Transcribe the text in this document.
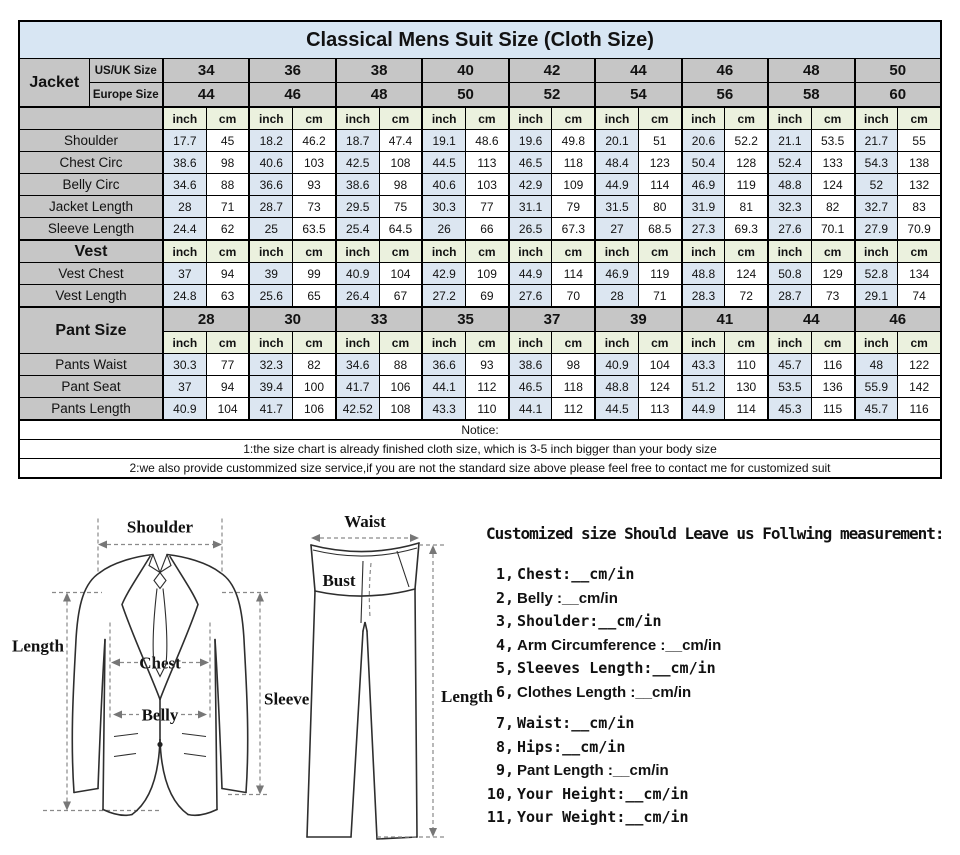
Classical Mens Suit Size (Cloth Size)																			
Jacket	US/UK Size	34		36		38		40		42		44		46		48		50	
	Europe Size	44		46		48		50		52		54		56		58		60	
		inch	cm	inch	cm	inch	cm	inch	cm	inch	cm	inch	cm	inch	cm	inch	cm	inch	cm
Shoulder		17.7	45	18.2	46.2	18.7	47.4	19.1	48.6	19.6	49.8	20.1	51	20.6	52.2	21.1	53.5	21.7	55
Chest Circ		38.6	98	40.6	103	42.5	108	44.5	113	46.5	118	48.4	123	50.4	128	52.4	133	54.3	138
Belly Circ		34.6	88	36.6	93	38.6	98	40.6	103	42.9	109	44.9	114	46.9	119	48.8	124	52	132
Jacket Length		28	71	28.7	73	29.5	75	30.3	77	31.1	79	31.5	80	31.9	81	32.3	82	32.7	83
Sleeve Length		24.4	62	25	63.5	25.4	64.5	26	66	26.5	67.3	27	68.5	27.3	69.3	27.6	70.1	27.9	70.9
Vest		inch	cm	inch	cm	inch	cm	inch	cm	inch	cm	inch	cm	inch	cm	inch	cm	inch	cm
Vest Chest		37	94	39	99	40.9	104	42.9	109	44.9	114	46.9	119	48.8	124	50.8	129	52.8	134
Vest Length		24.8	63	25.6	65	26.4	67	27.2	69	27.6	70	28	71	28.3	72	28.7	73	29.1	74
Pant Size		28		30		33		35		37		39		41		44		46	
		inch	cm	inch	cm	inch	cm	inch	cm	inch	cm	inch	cm	inch	cm	inch	cm	inch	cm
Pants Waist		30.3	77	32.3	82	34.6	88	36.6	93	38.6	98	40.9	104	43.3	110	45.7	116	48	122
Pant Seat		37	94	39.4	100	41.7	106	44.1	112	46.5	118	48.8	124	51.2	130	53.5	136	55.9	142
Pants Length		40.9	104	41.7	106	42.52	108	43.3	110	44.1	112	44.5	113	44.9	114	45.3	115	45.7	116
Notice:																			
1:the size chart is already finished cloth size, which is 3-5 inch bigger than your body size																			
2:we also provide custommized size service,if you are not the standard size above please feel free to contact me for customized suit																			
Shoulder
Length
Chest
Belly
Sleeve
Waist
Bust
Length
Customized size Should Leave us Follwing measurement:
1, Chest:__cm/in
2, Belly :__cm/in
3, Shoulder:__cm/in
4, Arm Circumference :__cm/in
5, Sleeves Length:__cm/in
6, Clothes Length :__cm/in
7, Waist:__cm/in
8, Hips:__cm/in
9, Pant Length :__cm/in
10, Your Height:__cm/in
11, Your Weight:__cm/in
